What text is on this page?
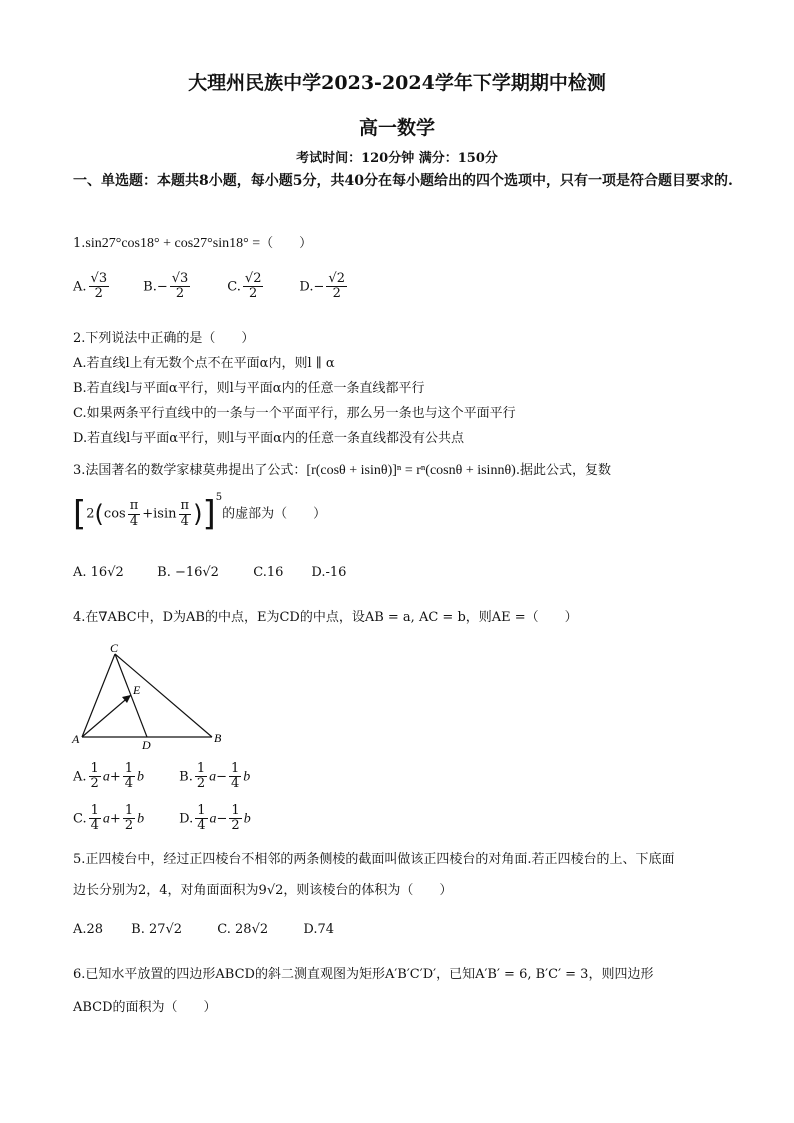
大理州民族中学2023-2024学年下学期期中检测
高一数学
考试时间：120分钟 满分：150分
一、单选题：本题共8小题，每小题5分，共40分在每小题给出的四个选项中，只有一项是符合题目要求的.
1.sin27°cos18° + cos27°sin18° =（　　）
A. $\frac{√3}{2}$	$B.- \frac{√3}{2}$	C. $\frac{√2}{2}$	$D.- \frac{√2}{2}$
2.下列说法中正确的是（　　）
A.若直线l上有无数个点不在平面α内，则l ∥ α
B.若直线l与平面α平行，则l与平面α内的任意一条直线都平行
C.如果两条平行直线中的一条与一个平面平行，那么另一条也与这个平面平行
D.若直线l与平面α平行，则l与平面α内的任意一条直线都没有公共点
3.法国著名的数学家棣莫弗提出了公式：[r(cosθ + isinθ)]ⁿ = rⁿ(cosnθ + isinnθ).据此公式，复数
$[2(\cos \frac{\pi}{4} +isin \frac{\pi}{4} )]^5$的虚部为（　　）
A. 16√2	B. −16√2	C.16 D.-16
4.在∇ABC中，D为AB的中点，E为CD的中点，设AB = a, AC = b，则AE =（　　）
C
E
A	D	B
A. $\frac{1}{2} a+ \frac{1}{4}$ b	B. $\frac{1}{2} a- \frac{1}{4}$ b
C. $\frac{1}{4} a+ \frac{1}{2}$ b	D. $\frac{1}{4} a- \frac{1}{2}$ b
5.正四棱台中，经过正四棱台不相邻的两条侧棱的截面叫做该正四棱台的对角面.若正四棱台的上、下底面
边长分别为2，4，对角面面积为9√2，则该棱台的体积为（　　）
A.28 B. 27√2	C. 28√2	D.74
6.已知水平放置的四边形ABCD的斜二测直观图为矩形A′B′C′D′，已知A′B′ = 6, B′C′ = 3，则四边形
ABCD的面积为（　　）
